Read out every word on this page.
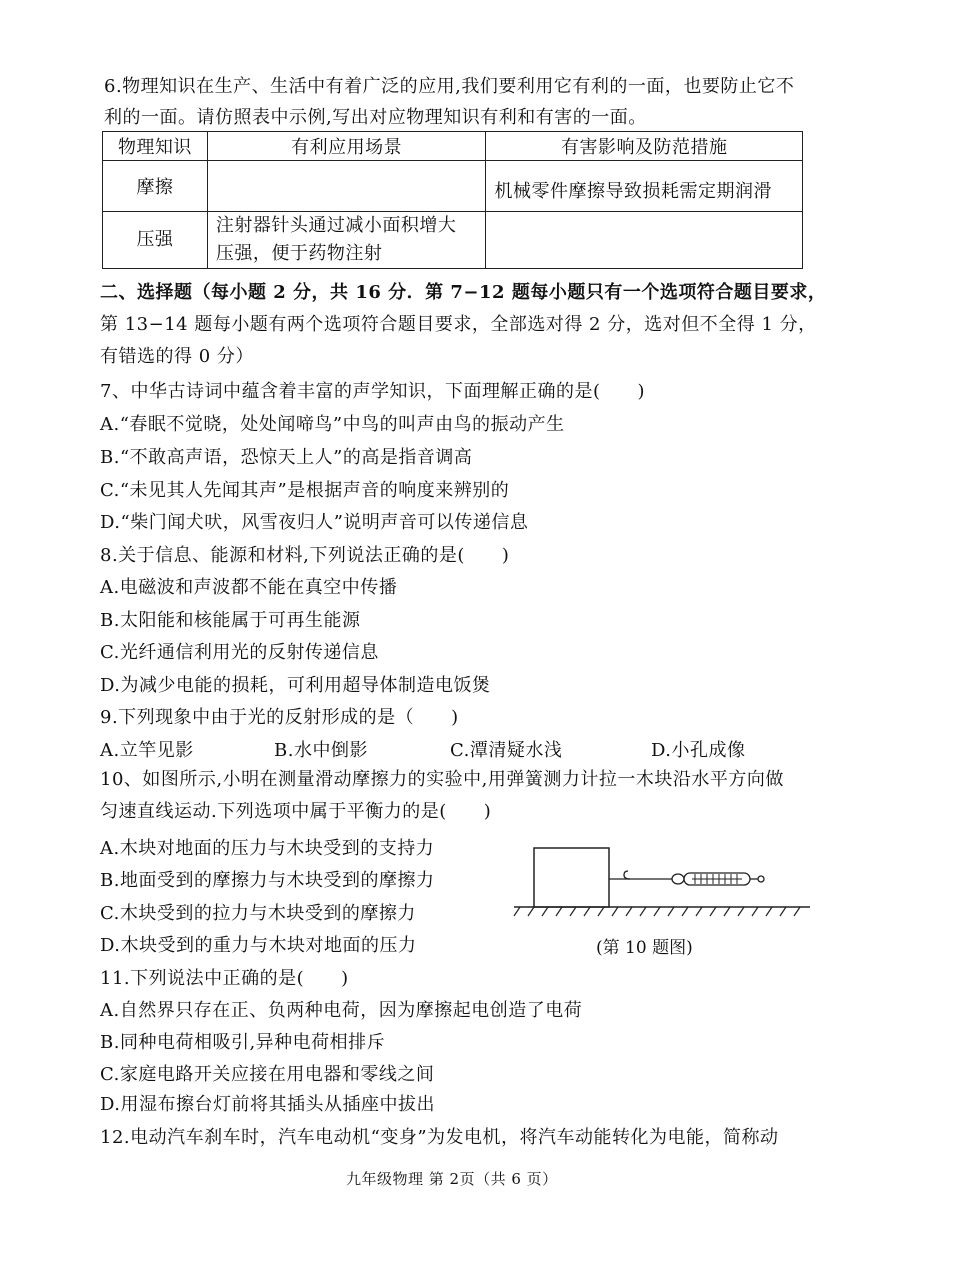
6.物理知识在生产、生活中有着广泛的应用,我们要利用它有利的一面，也要防止它不
利的一面。请仿照表中示例,写出对应物理知识有利和有害的一面。
物理知识	有利应用场景	有害影响及防范措施
摩擦		机械零件摩擦导致损耗需定期润滑
压强	注射器针头通过减小面积增大
压强，便于药物注射	

二、选择题（每小题 2 分，共 16 分．第 7−12 题每小题只有一个选项符合题目要求，
第 13−14 题每小题有两个选项符合题目要求，全部选对得 2 分，选对但不全得 1 分，
有错选的得 0 分）
7、中华古诗词中蕴含着丰富的声学知识，下面理解正确的是(　　)
A.“春眠不觉晓，处处闻啼鸟”中鸟的叫声由鸟的振动产生
B.“不敢高声语，恐惊天上人”的高是指音调高
C.“未见其人先闻其声”是根据声音的响度来辨别的
D.“柴门闻犬吠，风雪夜归人”说明声音可以传递信息
8.关于信息、能源和材料,下列说法正确的是(　　)
A.电磁波和声波都不能在真空中传播
B.太阳能和核能属于可再生能源
C.光纤通信利用光的反射传递信息
D.为减少电能的损耗，可利用超导体制造电饭煲
9.下列现象中由于光的反射形成的是（　　)
A.立竿见影	B.水中倒影	C.潭清疑水浅	D.小孔成像
10、如图所示,小明在测量滑动摩擦力的实验中,用弹簧测力计拉一木块沿水平方向做
匀速直线运动.下列选项中属于平衡力的是(　　)
A.木块对地面的压力与木块受到的支持力
B.地面受到的摩擦力与木块受到的摩擦力
C.木块受到的拉力与木块受到的摩擦力
D.木块受到的重力与木块对地面的压力	(第 10 题图)
11.下列说法中正确的是(　　)
A.自然界只存在正、负两种电荷，因为摩擦起电创造了电荷
B.同种电荷相吸引,异种电荷相排斥
C.家庭电路开关应接在用电器和零线之间
D.用湿布擦台灯前将其插头从插座中拔出
12.电动汽车刹车时，汽车电动机“变身”为发电机，将汽车动能转化为电能，简称动
九年级物理 第 2页（共 6 页）
